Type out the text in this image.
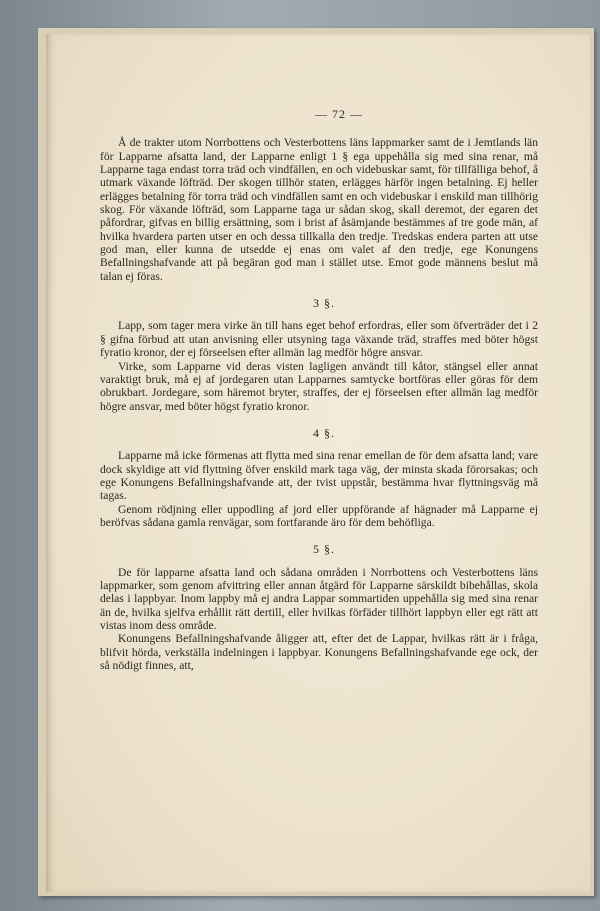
— 72 —

Å de trakter utom Norrbottens och Vesterbottens läns lappmarker samt de i Jemtlands län för Lapparne afsatta land, der Lapparne enligt 1 § ega uppehålla sig med sina renar, må Lapparne taga endast torra träd och vindfällen, en och videbuskar samt, för tillfälliga behof, å utmark växande löfträd. Der skogen tillhör staten, erlägges härför ingen betalning. Ej heller erlägges betalning för torra träd och vindfällen samt en och videbuskar i enskild man tillhörig skog. För växande löfträd, som Lapparne taga ur sådan skog, skall deremot, der egaren det påfordrar, gifvas en billig ersättning, som i brist af åsämjande bestämmes af tre gode män, af hvilka hvardera parten utser en och dessa tillkalla den tredje. Tredskas endera parten att utse god man, eller kunna de utsedde ej enas om valet af den tredje, ege Konungens Befallningshafvande att på begäran god man i stället utse. Emot gode männens beslut må talan ej föras.

3 §.

Lapp, som tager mera virke än till hans eget behof erfordras, eller som öfverträder det i 2 § gifna förbud att utan anvisning eller utsyning taga växande träd, straffes med böter högst fyratio kronor, der ej förseelsen efter allmän lag medför högre ansvar.

Virke, som Lapparne vid deras visten lagligen användt till kåtor, stängsel eller annat varaktigt bruk, må ej af jordegaren utan Lapparnes samtycke bortföras eller göras för dem obrukbart. Jordegare, som häremot bryter, straffes, der ej förseelsen efter allmän lag medför högre ansvar, med böter högst fyratio kronor.

4 §.

Lapparne må icke förmenas att flytta med sina renar emellan de för dem afsatta land; vare dock skyldige att vid flyttning öfver enskild mark taga väg, der minsta skada förorsakas; och ege Konungens Befallningshafvande att, der tvist uppstår, bestämma hvar flyttningsväg må tagas.

Genom rödjning eller uppodling af jord eller uppförande af hägnader må Lapparne ej beröfvas sådana gamla renvägar, som fortfarande äro för dem behöfliga.

5 §.

De för lapparne afsatta land och sådana områden i Norrbottens och Vesterbottens läns lappmarker, som genom afvittring eller annan åtgärd för Lapparne särskildt bibehållas, skola delas i lappbyar. Inom lappby må ej andra Lappar sommartiden uppehålla sig med sina renar än de, hvilka sjelfva erhållit rätt dertill, eller hvilkas förfäder tillhört lappbyn eller egt rätt att vistas inom dess område.

Konungens Befallningshafvande åligger att, efter det de Lappar, hvilkas rätt är i fråga, blifvit hörda, verkställa indelningen i lappbyar. Konungens Befallningshafvande ege ock, der så nödigt finnes, att,
